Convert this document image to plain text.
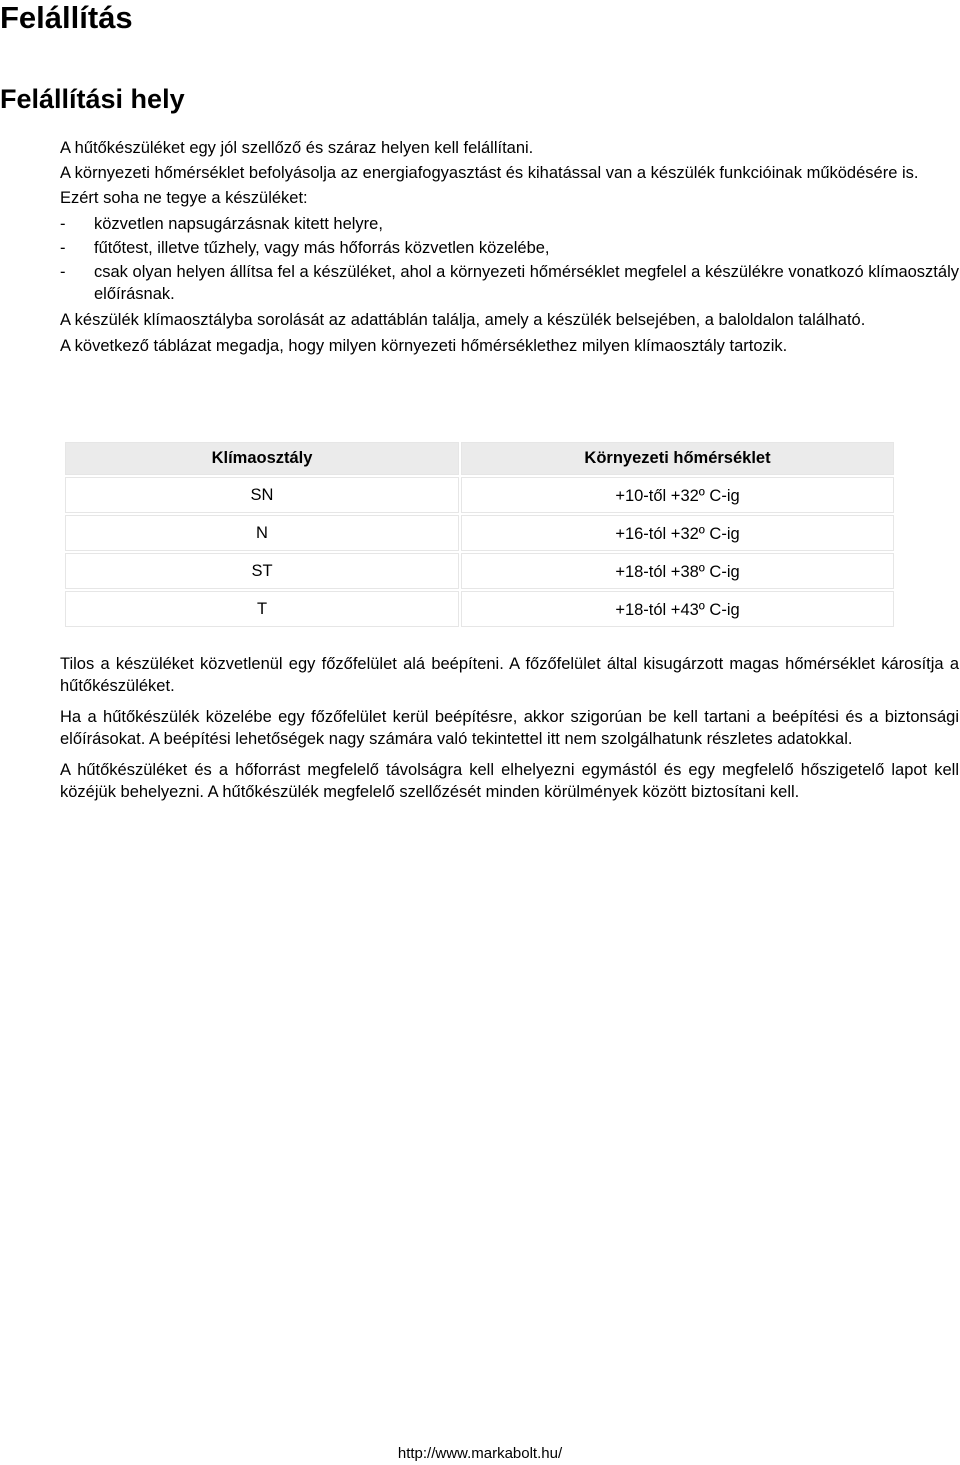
Felállítás
Felállítási hely

A hűtőkészüléket egy jól szellőző és száraz helyen kell felállítani.

A környezeti hőmérséklet befolyásolja az energiafogyasztást és kihatással van a készülék funkcióinak működésére is.

Ezért soha ne tegye a készüléket:

- közvetlen napsugárzásnak kitett helyre,
- fűtőtest, illetve tűzhely, vagy más hőforrás közvetlen közelébe,
- csak olyan helyen állítsa fel a készüléket, ahol a környezeti hőmérséklet megfelel a készülékre vonatkozó klímaosztály előírásnak.

A készülék klímaosztályba sorolását az adattáblán találja, amely a készülék belsejében, a baloldalon található.

A következő táblázat megadja, hogy milyen környezeti hőmérséklethez milyen klímaosztály tartozik.

Klímaosztály	Környezeti hőmérséklet
SN	+10-től +32º C-ig
N	+16-tól +32º C-ig
ST	+18-tól +38º C-ig
T	+18-tól +43º C-ig

Tilos a készüléket közvetlenül egy főzőfelület alá beépíteni. A főzőfelület által kisugárzott magas hőmérséklet károsítja a hűtőkészüléket.

Ha a hűtőkészülék közelébe egy főzőfelület kerül beépítésre, akkor szigorúan be kell tartani a beépítési és a biztonsági előírásokat. A beépítési lehetőségek nagy számára való tekintettel itt nem szolgálhatunk részletes adatokkal.

A hűtőkészüléket és a hőforrást megfelelő távolságra kell elhelyezni egymástól és egy megfelelő hőszigetelő lapot kell közéjük behelyezni. A hűtőkészülék megfelelő szellőzését minden körülmények között biztosítani kell.

http://www.markabolt.hu/
